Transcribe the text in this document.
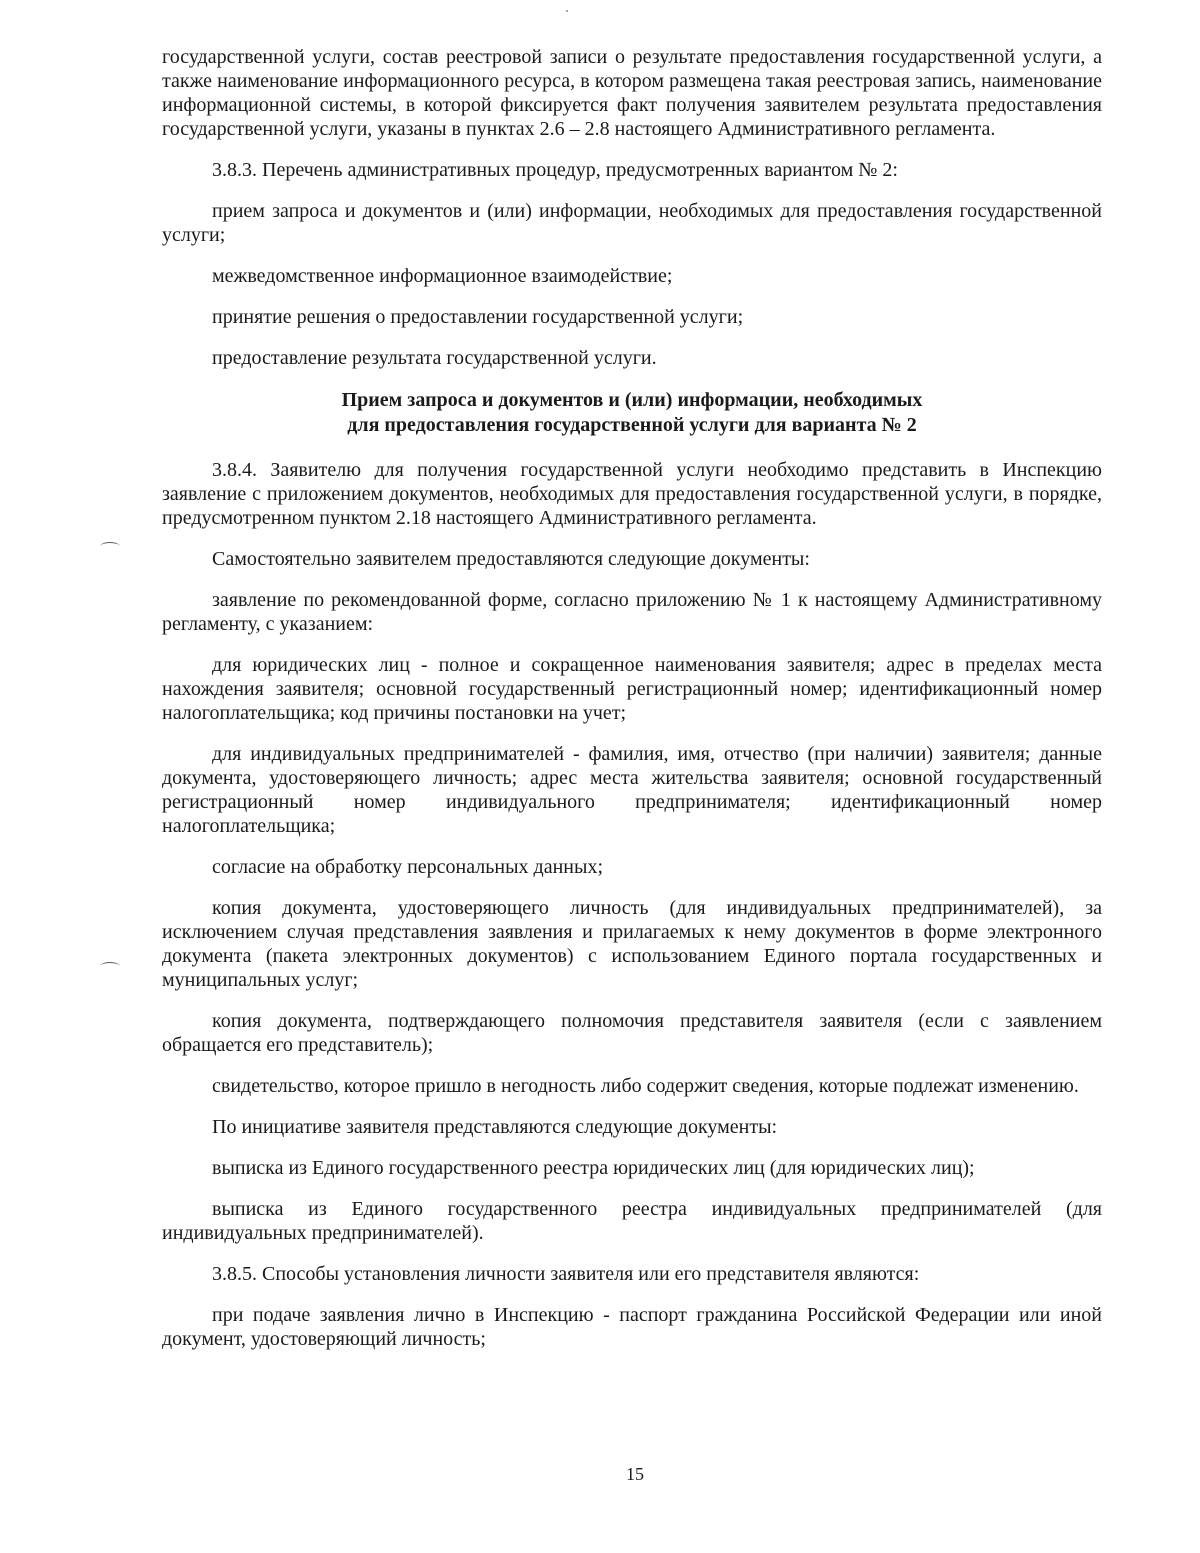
государственной услуги, состав реестровой записи о результате предоставления государственной услуги, а также наименование информационного ресурса, в котором размещена такая реестровая запись, наименование информационной системы, в которой фиксируется факт получения заявителем результата предоставления государственной услуги, указаны в пунктах 2.6 – 2.8 настоящего Административного регламента.

3.8.3. Перечень административных процедур, предусмотренных вариантом № 2:

прием запроса и документов и (или) информации, необходимых для предоставления государственной услуги;

межведомственное информационное взаимодействие;

принятие решения о предоставлении государственной услуги;

предоставление результата государственной услуги.

Прием запроса и документов и (или) информации, необходимых
для предоставления государственной услуги для варианта № 2

3.8.4. Заявителю для получения государственной услуги необходимо представить в Инспекцию заявление с приложением документов, необходимых для предоставления государственной услуги, в порядке, предусмотренном пунктом 2.18 настоящего Административного регламента.

Самостоятельно заявителем предоставляются следующие документы:

заявление по рекомендованной форме, согласно приложению № 1 к настоящему Административному регламенту, с указанием:

для юридических лиц - полное и сокращенное наименования заявителя; адрес в пределах места нахождения заявителя; основной государственный регистрационный номер; идентификационный номер налогоплательщика; код причины постановки на учет;

для индивидуальных предпринимателей - фамилия, имя, отчество (при наличии) заявителя; данные документа, удостоверяющего личность; адрес места жительства заявителя; основной государственный регистрационный номер индивидуального предпринимателя; идентификационный номер налогоплательщика;

согласие на обработку персональных данных;

копия документа, удостоверяющего личность (для индивидуальных предпринимателей), за исключением случая представления заявления и прилагаемых к нему документов в форме электронного документа (пакета электронных документов) с использованием Единого портала государственных и муниципальных услуг;

копия документа, подтверждающего полномочия представителя заявителя (если с заявлением обращается его представитель);

свидетельство, которое пришло в негодность либо содержит сведения, которые подлежат изменению.

По инициативе заявителя представляются следующие документы:

выписка из Единого государственного реестра юридических лиц (для юридических лиц);

выписка из Единого государственного реестра индивидуальных предпринимателей (для индивидуальных предпринимателей).

3.8.5. Способы установления личности заявителя или его представителя являются:

при подаче заявления лично в Инспекцию - паспорт гражданина Российской Федерации или иной документ, удостоверяющий личность;

15
